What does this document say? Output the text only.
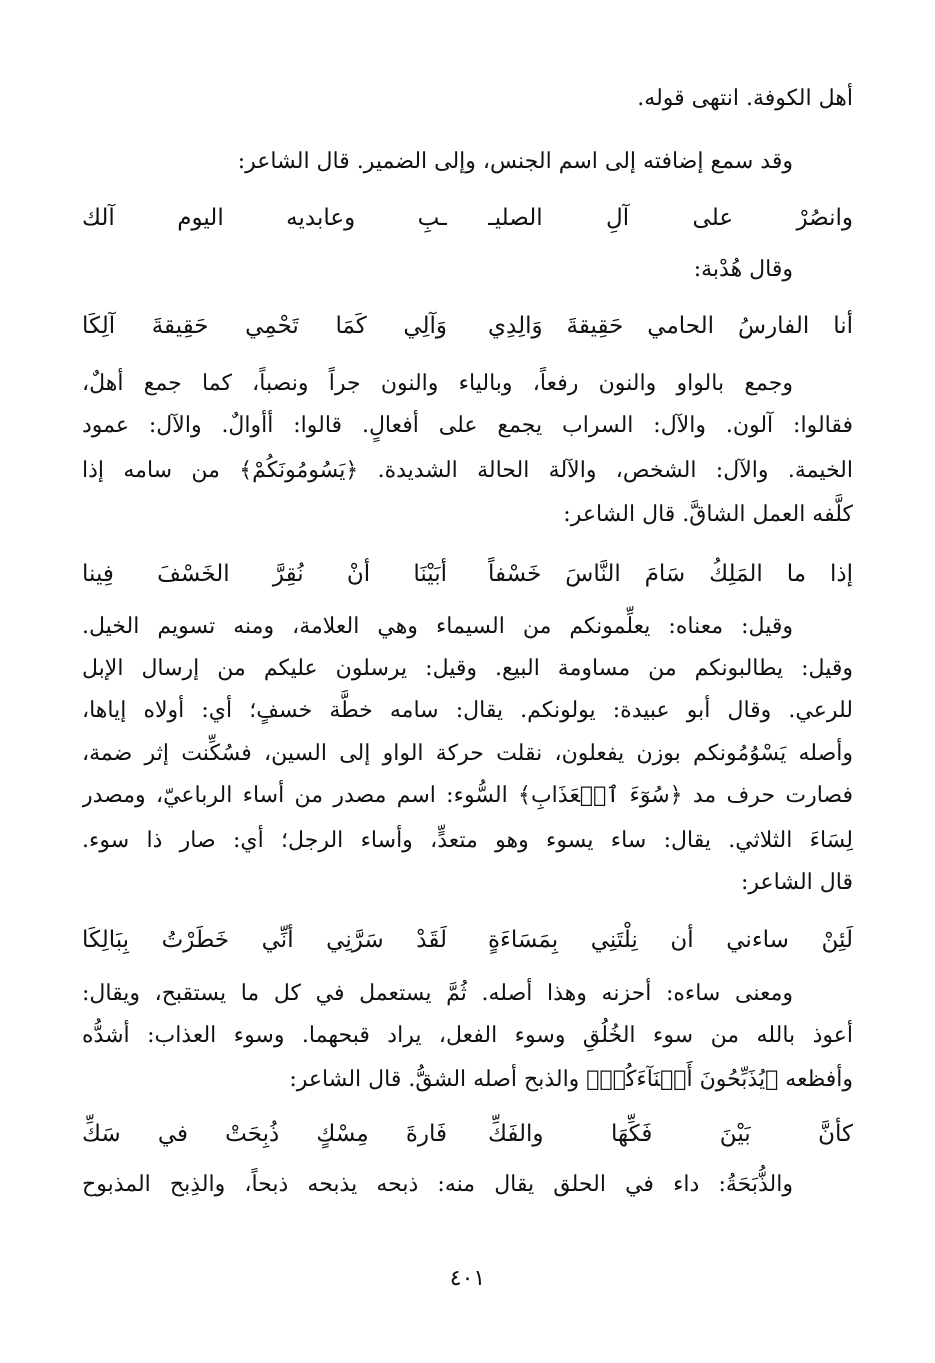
أهل الكوفة. انتهى قوله.
وقد سمع إضافته إلى اسم الجنس، وإلى الضمير. قال الشاعر:
وانصُرْ على آلِ الصليـ
ـبِ وعابديه اليوم آلك
وقال هُدْبة:
أنا الفارسُ الحامي حَقِيقةَ وَالِدِي
وَآلِي كَمَا تَحْمِي حَقِيقةَ آلِكَا
وجمع بالواو والنون رفعاً، وبالياء والنون جراً ونصباً، كما جمع أهلٌ،
فقالوا: آلون. والآل: السراب يجمع على أفعالٍ. قالوا: أأوالٌ. والآل: عمود
الخيمة. والآل: الشخص، والآلة الحالة الشديدة. ﴿يَسُومُونَكُمْ﴾ من سامه إذا
كلَّفه العمل الشاقَّ. قال الشاعر:
إذا ما المَلِكُ سَامَ النَّاسَ خَسْفاً
أبَيْنَا أنْ نُقِرَّ الخَسْفَ فِينا
وقيل: معناه: يعلِّمونكم من السيماء وهي العلامة، ومنه تسويم الخيل.
وقيل: يطالبونكم من مساومة البيع. وقيل: يرسلون عليكم من إرسال الإبل
للرعي. وقال أبو عبيدة: يولونكم. يقال: سامه خطَّة خسفٍ؛ أي: أولاه إياها،
وأصله يَسْوُمُونكم بوزن يفعلون، نقلت حركة الواو إلى السين، فسُكِّنت إثر ضمة،
فصارت حرف مد ﴿سُوٓءَ ٱلۡعَذَابِ﴾ السُّوء: اسم مصدر من أساء الرباعيّ، ومصدر
لِسَاءَ الثلاثي. يقال: ساء يسوء وهو متعدٍّ، وأساء الرجل؛ أي: صار ذا سوء.
قال الشاعر:
لَئِنْ ساءني أن نِلْتَنِي بِمَسَاءَةٍ
لَقَدْ سَرَّنِي أنِّي خَطَرْتُ بِبَالِكَا
ومعنى ساءه: أحزنه وهذا أصله. ثُمَّ يستعمل في كل ما يستقبح، ويقال:
أعوذ بالله من سوء الخُلُقِ وسوء الفعل، يراد قبحهما. وسوء العذاب: أشدُّه
وأفظعه ﴿يُذَبِّحُونَ أَبۡنَآءَكُمۡ﴾ والذبح أصله الشقُّ. قال الشاعر:
كأنَّ بَيْنَ فَكِّهَا والفَكِّ
فَارةَ مِسْكٍ ذُبِحَتْ في سَكِّ
والذُّبَحَةُ: داء في الحلق يقال منه: ذبحه يذبحه ذبحاً، والذِبح المذبوح
٤٠١
